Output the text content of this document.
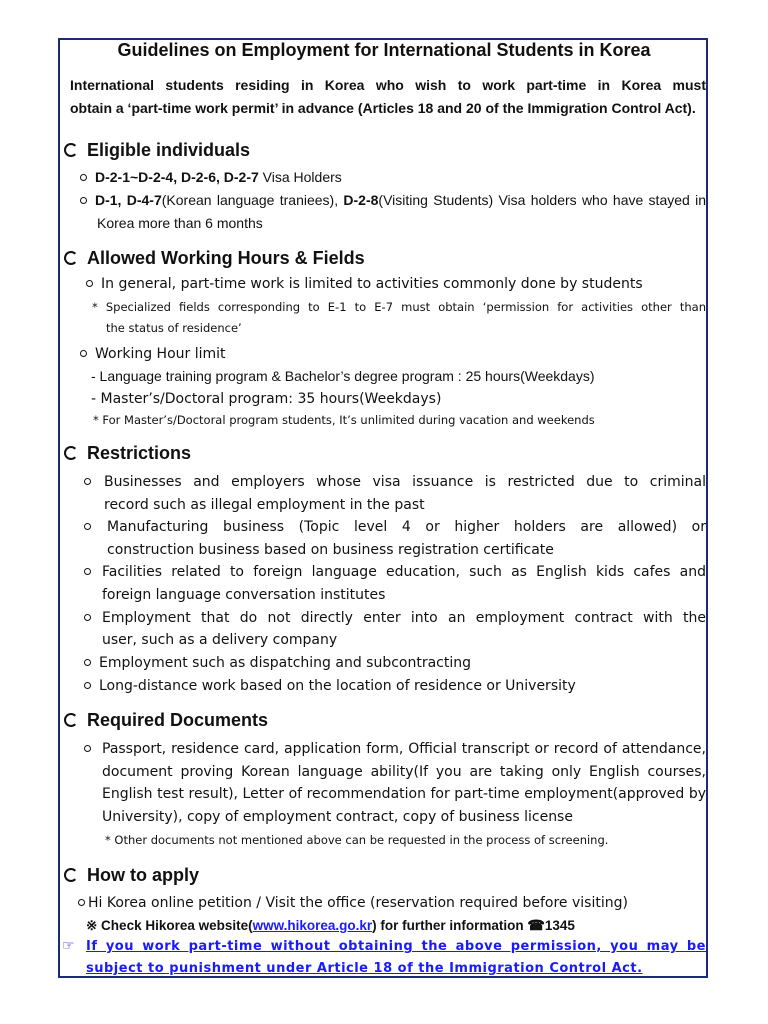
Guidelines on Employment for International Students in Korea
International students residing in Korea who wish to work part-time in Korea must
obtain a ‘part-time work permit’ in advance (Articles 18 and 20 of the Immigration Control Act).
Eligible individuals
D-2-1~D-2-4, D-2-6, D-2-7 Visa Holders
D-1, D-4-7(Korean language traniees), D-2-8(Visiting Students) Visa holders who have stayed in
Korea more than 6 months
Allowed Working Hours & Fields
In general, part-time work is limited to activities commonly done by students
* Specialized fields corresponding to E-1 to E-7 must obtain ‘permission for activities other than
the status of residence’
Working Hour limit
- Language training program & Bachelor’s degree program : 25 hours(Weekdays)
- Master’s/Doctoral program: 35 hours(Weekdays)
* For Master’s/Doctoral program students, It’s unlimited during vacation and weekends
Restrictions
Businesses and employers whose visa issuance is restricted due to criminal
record such as illegal employment in the past
Manufacturing business (Topic level 4 or higher holders are allowed) or
construction business based on business registration certificate
Facilities related to foreign language education, such as English kids cafes and
foreign language conversation institutes
Employment that do not directly enter into an employment contract with the
user, such as a delivery company
Employment such as dispatching and subcontracting
Long-distance work based on the location of residence or University
Required Documents
Passport, residence card, application form, Official transcript or record of attendance,
document proving Korean language ability(If you are taking only English courses,
English test result), Letter of recommendation for part-time employment(approved by
University), copy of employment contract, copy of business license
* Other documents not mentioned above can be requested in the process of screening.
How to apply
Hi Korea online petition / Visit the office (reservation required before visiting)
※ Check Hikorea website(www.hikorea.go.kr) for further information ☎1345
☞ If you work part-time without obtaining the above permission, you may be
subject to punishment under Article 18 of the Immigration Control Act.
